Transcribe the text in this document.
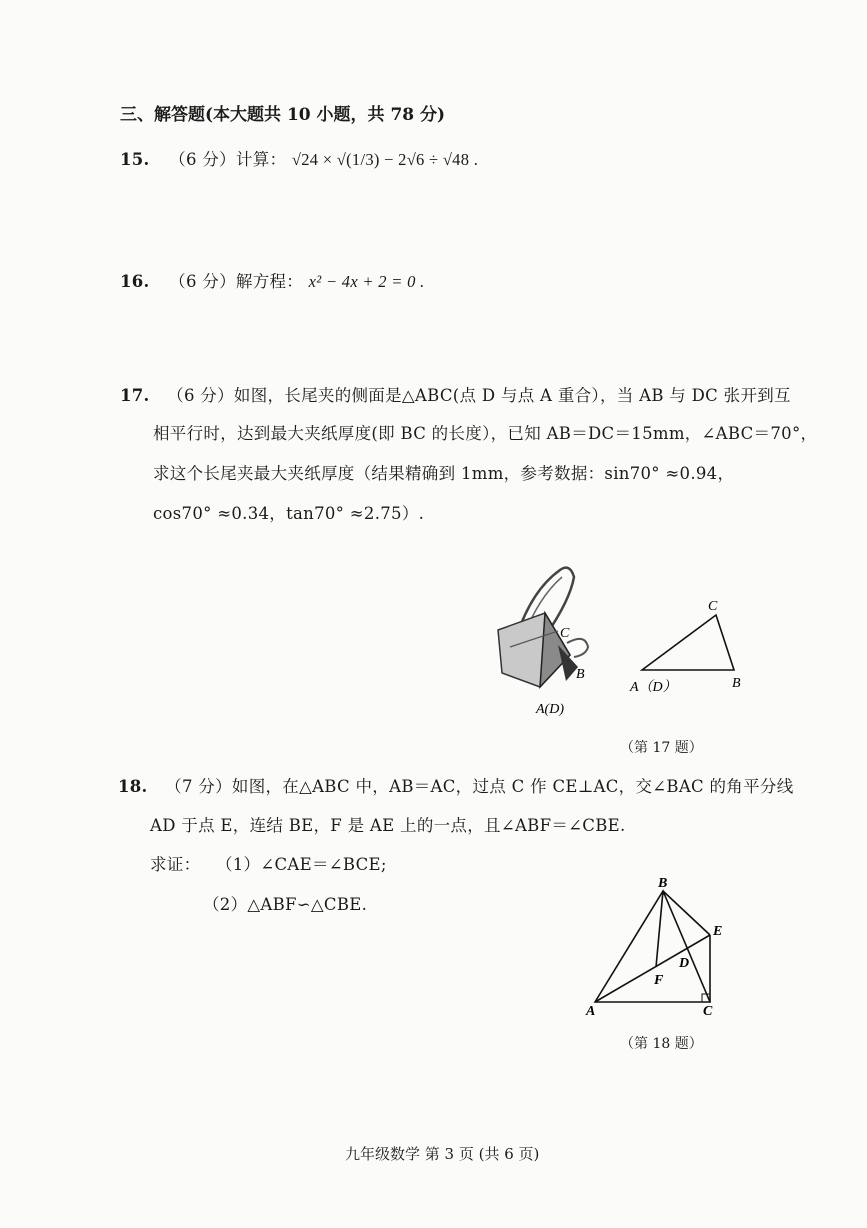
三、解答题(本大题共 10 小题，共 78 分)
15. （6 分）计算： √24 × √(1/3) − 2√6 ÷ √48 .
16. （6 分）解方程： x² − 4x + 2 = 0 .
17. （6 分）如图，长尾夹的侧面是△ABC(点 D 与点 A 重合），当 AB 与 DC 张开到互
相平行时，达到最大夹纸厚度(即 BC 的长度），已知 AB＝DC＝15mm，∠ABC＝70°，
求这个长尾夹最大夹纸厚度（结果精确到 1mm，参考数据：sin70° ≈0.94，
cos70° ≈0.34，tan70° ≈2.75）.
C
B
A(D)
C
A（D）	B
（第 17 题）
18. （7 分）如图，在△ABC 中，AB＝AC，过点 C 作 CE⊥AC，交∠BAC 的角平分线
AD 于点 E，连结 BE，F 是 AE 上的一点，且∠ABF＝∠CBE.
求证： （1）∠CAE＝∠BCE;
（2）△ABF∽△CBE.
B
E
D
F
A	C
（第 18 题）
九年级数学 第 3 页 (共 6 页)
